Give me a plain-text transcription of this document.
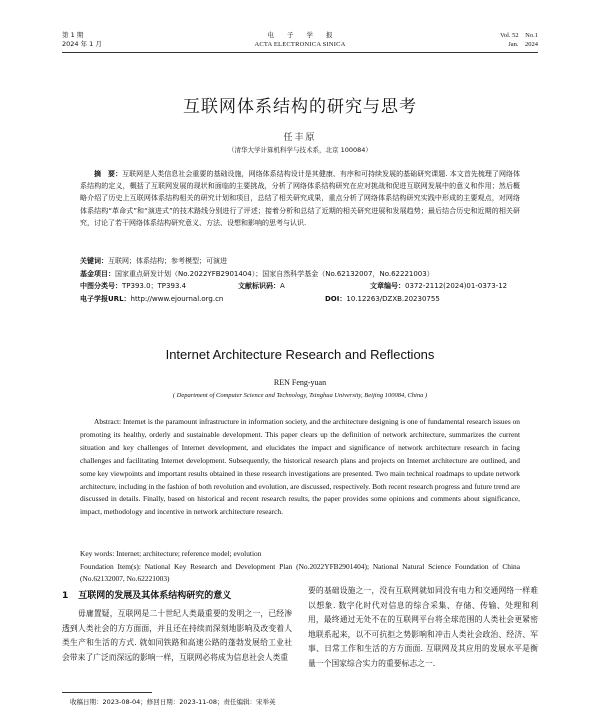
第 1 期
2024 年 1 月
电　　子　　学　　报
ACTA ELECTRONICA SINICA
Vol. 52　No.1
Jan.　2024
互联网体系结构的研究与思考
任丰原
（清华大学计算机科学与技术系，北京 100084）
摘　要：互联网是人类信息社会重要的基础设施，网络体系结构设计是其健康、有序和可持续发展的基础研究课题. 本文首先梳理了网络体系结构的定义，概括了互联网发展的现状和面临的主要挑战，分析了网络体系结构研究在应对挑战和促进互联网发展中的意义和作用；然后概略介绍了历史上互联网体系结构相关的研究计划和项目，总结了相关研究成果，重点分析了网络体系结构研究实践中形成的主要观点，对网络体系结构“革命式”和“演进式”的技术路线分别进行了评述；接着分析和总结了近期的相关研究进展和发展趋势；最后结合历史和近期的相关研究，讨论了若干网络体系结构研究意义、方法、设想和影响的思考与认识.
关键词：互联网；体系结构；参考模型；可演进
基金项目：国家重点研发计划（No.2022YFB2901404）；国家自然科学基金（No.62132007，No.62221003）
中图分类号：TP393.0；TP393.4	文献标识码：A	文章编号：0372-2112(2024)01-0373-12
电子学报URL：http://www.ejournal.org.cn	DOI：10.12263/DZXB.20230755
Internet Architecture Research and Reflections
REN Feng-yuan
( Department of Computer Science and Technology, Tsinghua University, Beijing 100084, China )
Abstract: Internet is the paramount infrastructure in information society, and the architecture designing is one of fundamental research issues on promoting its healthy, orderly and sustainable development. This paper clears up the definition of network architecture, summarizes the current situation and key challenges of Internet development, and elucidates the impact and significance of network architecture research in facing challenges and facilitating Internet development. Subsequently, the historical research plans and projects on Internet architecture are outlined, and some key viewpoints and important results obtained in these research investigations are presented. Two main technical roadmaps to update network architecture, including in the fashion of both revolution and evolution, are discussed, respectively. Both recent research progress and future trend are discussed in details. Finally, based on historical and recent research results, the paper provides some opinions and comments about significance, impact, methodology and incentive in network architecture research.
Key words: Internet; architecture; reference model; evolution
Foundation Item(s): National Key Research and Development Plan (No.2022YFB2901404); National Natural Science Foundation of China (No.62132007, No.62221003)
1 互联网的发展及其体系结构研究的意义
毋庸置疑，互联网是二十世纪人类最重要的发明之一，已经渗透到人类社会的方方面面，并且还在持续而深刻地影响及改变着人类生产和生活的方式. 就如同铁路和高速公路的蓬勃发展给工业社会带来了广泛而深远的影响一样，互联网必将成为信息社会人类重
要的基础设施之一，没有互联网就如同没有电力和交通网络一样难以想象. 数字化时代对信息的综合采集、存储、传输、处理和利用，最终通过无处不在的互联网平台将全球范围的人类社会更紧密地联系起来，以不可抗拒之势影响和冲击人类社会政治、经济、军事、日常工作和生活的方方面面. 互联网及其应用的发展水平是衡量一个国家综合实力的重要标志之一.
收稿日期：2023-08-04；修回日期：2023-11-08；责任编辑：宋举英
